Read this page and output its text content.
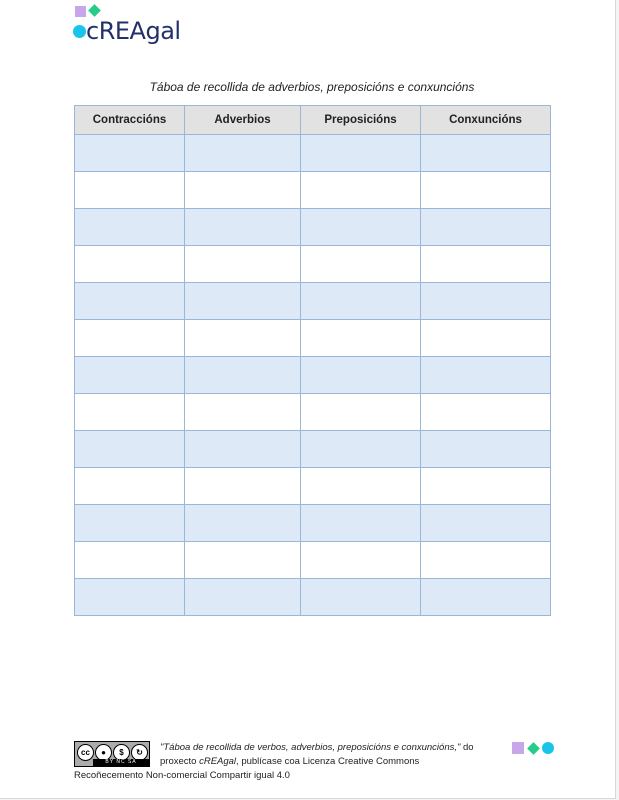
cREAgal
Táboa de recollida de adverbios, preposicións e conxuncións
Contraccións	Adverbios	Preposicións	Conxuncións

cc	●	$	↻
BY NC SA
"Táboa de recollida de verbos, adverbios, preposicións e conxuncións," do
proxecto cREAgal, publícase coa Licenza Creative Commons
Recoñecemento Non-comercial Compartir igual 4.0
